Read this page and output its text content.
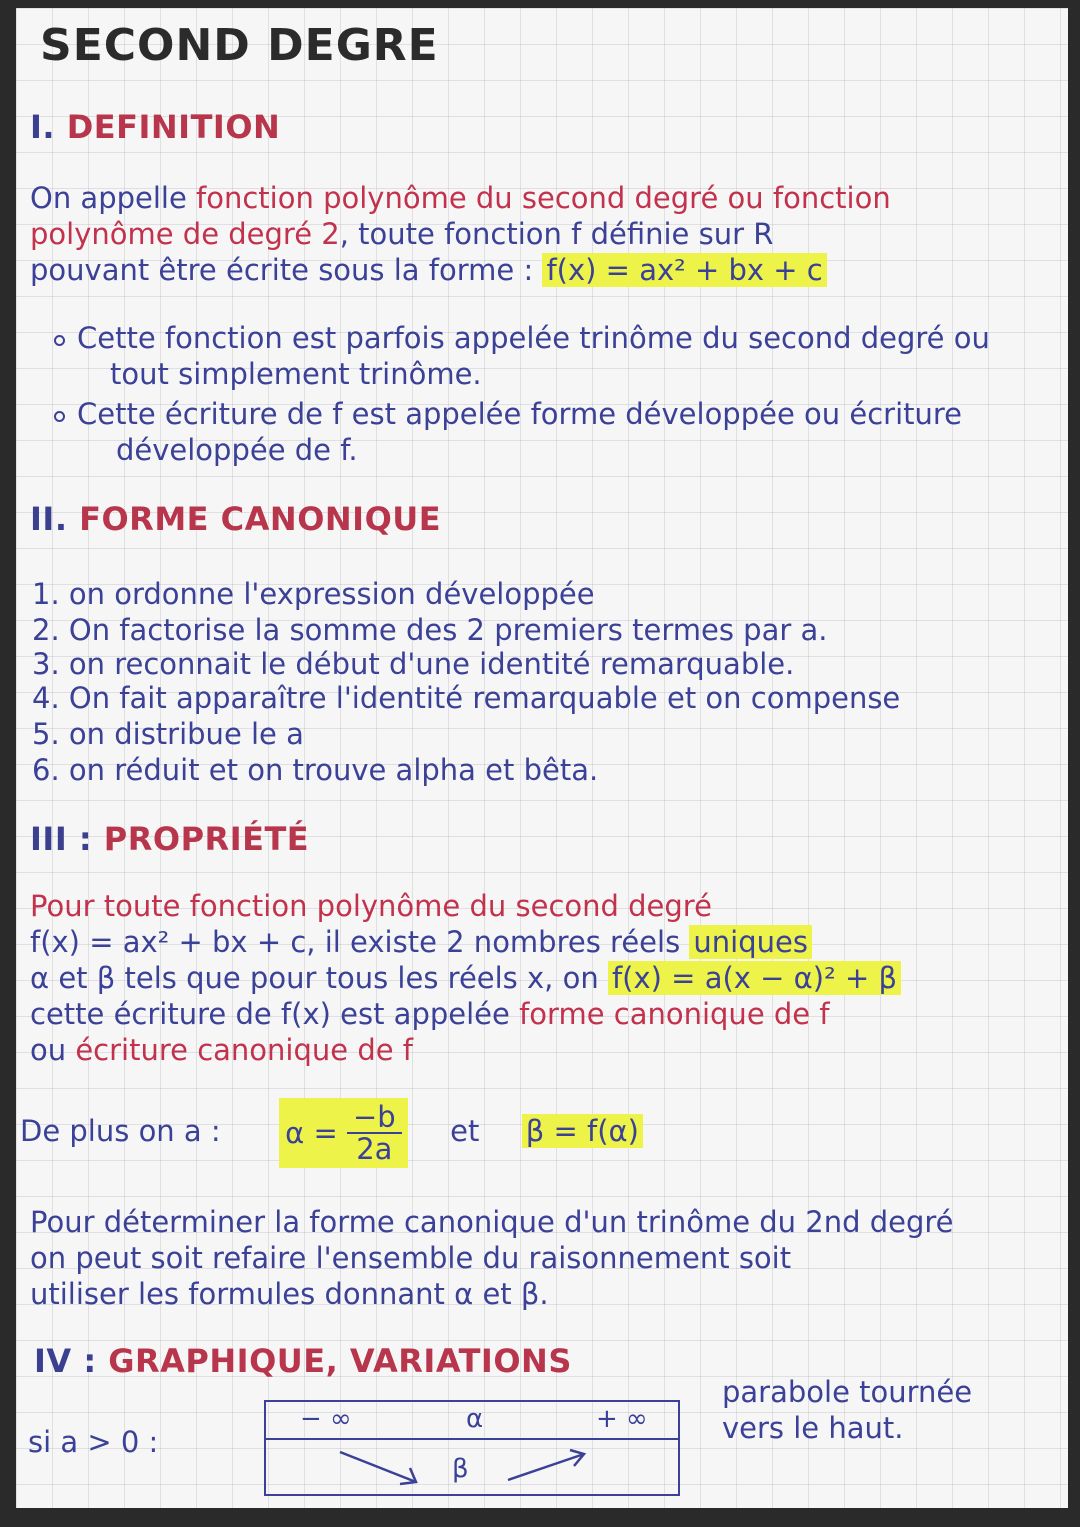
SECOND DEGRE
I. DEFINITION
On appelle fonction polynôme du second degré ou fonction
polynôme de degré 2, toute fonction f définie sur R
pouvant être écrite sous la forme : f(x) = ax² + bx + c
Cette fonction est parfois appelée trinôme du second degré ou
tout simplement trinôme.
Cette écriture de f est appelée forme développée ou écriture
développée de f.
II. FORME CANONIQUE
1. on ordonne l'expression développée
2. On factorise la somme des 2 premiers termes par a.
3. on reconnait le début d'une identité remarquable.
4. On fait apparaître l'identité remarquable et on compense
5. on distribue le a
6. on réduit et on trouve alpha et bêta.
III : PROPRIÉTÉ
Pour toute fonction polynôme du second degré
f(x) = ax² + bx + c, il existe 2 nombres réels uniques
α et β tels que pour tous les réels x, on f(x) = a(x − α)² + β
cette écriture de f(x) est appelée forme canonique de f
ou écriture canonique de f
De plus on a : $\alpha = \frac{-b}{2a}$ et β = f(α)
Pour déterminer la forme canonique d'un trinôme du 2nd degré
on peut soit refaire l'ensemble du raisonnement soit
utiliser les formules donnant α et β.
IV : GRAPHIQUE, VARIATIONS
si a > 0 :
− ∞	α	+ ∞
β
parabole tournée
vers le haut.
